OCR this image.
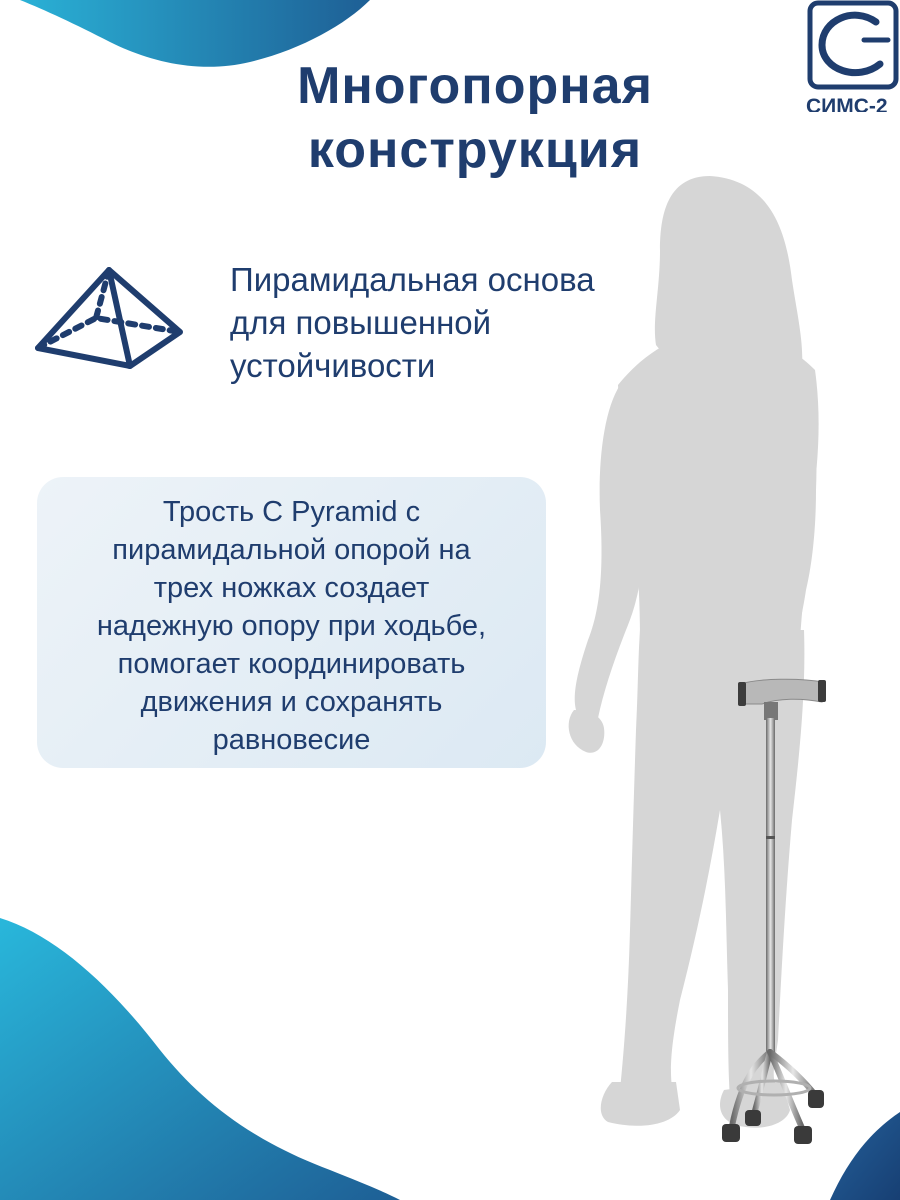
СИМС-2
Многопорная
конструкция
Пирамидальная основа
для повышенной
устойчивости
Трость C Pyramid с
пирамидальной опорой на
трех ножках создает
надежную опору при ходьбе,
помогает координировать
движения и сохранять
равновесие
